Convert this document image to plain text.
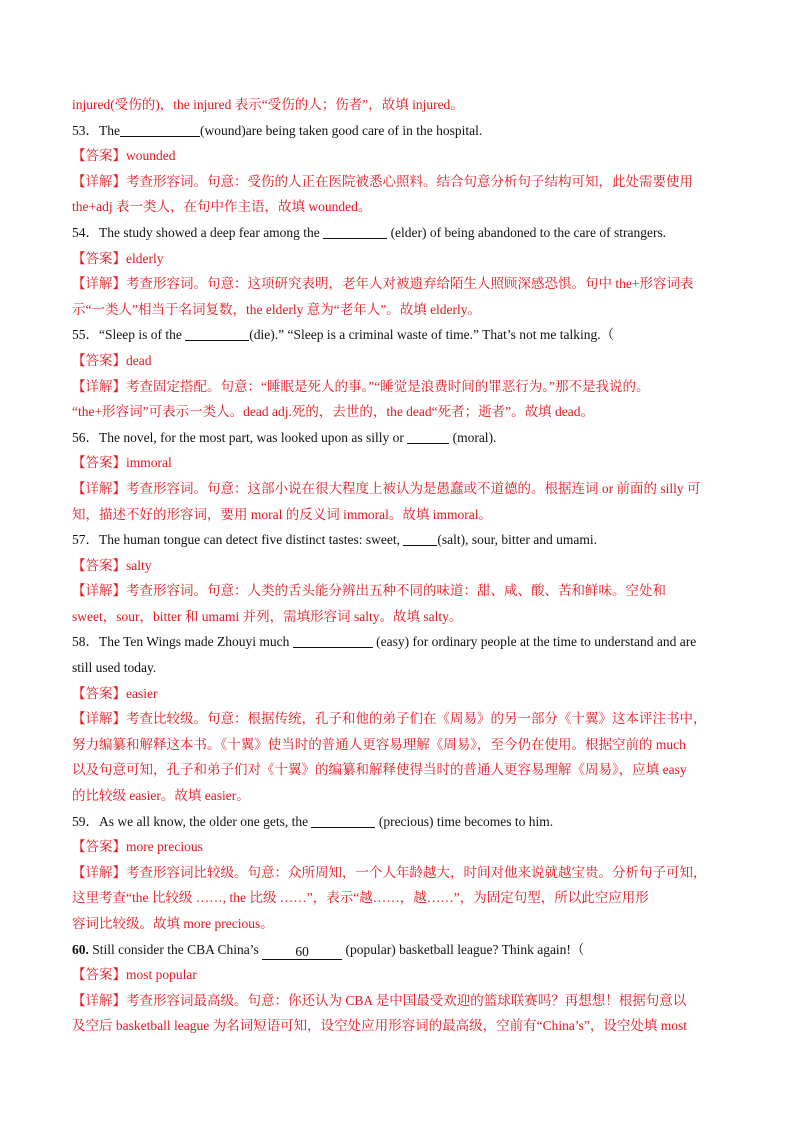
injured(受伤的)，the injured 表示“受伤的人；伤者”，故填 injured。
53．The	(wound)are being taken good care of in the hospital.
【答案】wounded
【详解】考查形容词。句意：受伤的人正在医院被悉心照料。结合句意分析句子结构可知，此处需要使用
the+adj 表一类人，在句中作主语，故填 wounded。
54．The study showed a deep fear among the	(elder) of being abandoned to the care of strangers.
【答案】elderly
【详解】考查形容词。句意：这项研究表明，老年人对被遗弃给陌生人照顾深感恐惧。句中 the+形容词表
示“一类人”相当于名词复数，the elderly 意为“老年人”。故填 elderly。
55．“Sleep is of the	(die).” “Sleep is a criminal waste of time.” That’s not me talking.（
【答案】dead
【详解】考查固定搭配。句意：“睡眠是死人的事。”“睡觉是浪费时间的罪恶行为。”那不是我说的。
“the+形容词”可表示一类人。dead adj.死的，去世的，the dead“死者；逝者”。故填 dead。
56．The novel, for the most part, was looked upon as silly or	(moral).
【答案】immoral
【详解】考查形容词。句意：这部小说在很大程度上被认为是愚蠢或不道德的。根据连词 or 前面的 silly 可
知，描述不好的形容词，要用 moral 的反义词 immoral。故填 immoral。
57．The human tongue can detect five distinct tastes: sweet,	(salt), sour, bitter and umami.
【答案】salty
【详解】考查形容词。句意：人类的舌头能分辨出五种不同的味道：甜、咸、酸、苦和鲜味。空处和
sweet，sour，bitter 和 umami 并列，需填形容词 salty。故填 salty。
58．The Ten Wings made Zhouyi much	(easy) for ordinary people at the time to understand and are
still used today.
【答案】easier
【详解】考查比较级。句意：根据传统，孔子和他的弟子们在《周易》的另一部分《十翼》这本评注书中，
努力编纂和解释这本书。《十翼》使当时的普通人更容易理解《周易》，至今仍在使用。根据空前的 much
以及句意可知，孔子和弟子们对《十翼》的编纂和解释使得当时的普通人更容易理解《周易》，应填 easy
的比较级 easier。故填 easier。
59．As we all know, the older one gets, the	(precious) time becomes to him.
【答案】more precious
【详解】考查形容词比较级。句意：众所周知，一个人年龄越大，时间对他来说就越宝贵。分析句子可知，
这里考查“the 比较级 ……, the 比级 ……”，表示“越……，越……”，为固定句型，所以此空应用形
容词比较级。故填 more precious。
60. Still consider the CBA China’s	60	(popular) basketball league? Think again!（
【答案】most popular
【详解】考查形容词最高级。句意：你还认为 CBA 是中国最受欢迎的篮球联赛吗？再想想！根据句意以
及空后 basketball league 为名词短语可知，设空处应用形容词的最高级，空前有“China’s”，设空处填 most
